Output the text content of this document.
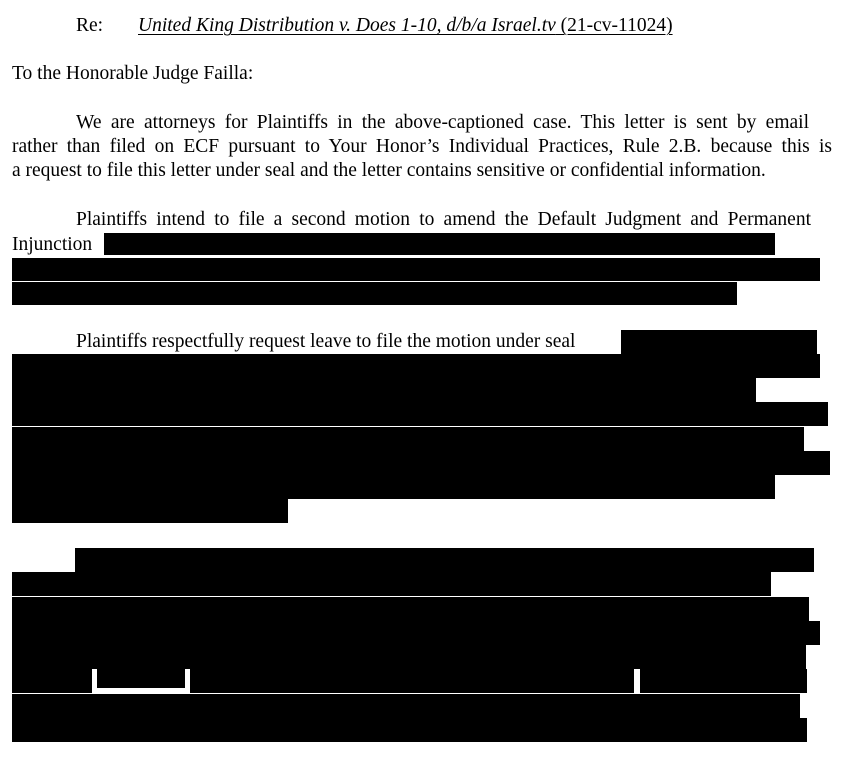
Re: United King Distribution v. Does 1-10, d/b/a Israel.tv (21-cv-11024)
To the Honorable Judge Failla:
We are attorneys for Plaintiffs in the above-captioned case. This letter is sent by email
rather than filed on ECF pursuant to Your Honor’s Individual Practices, Rule 2.B. because this is
a request to file this letter under seal and the letter contains sensitive or confidential information.
Plaintiffs intend to file a second motion to amend the Default Judgment and Permanent
Injunction
Plaintiffs respectfully request leave to file the motion under seal
